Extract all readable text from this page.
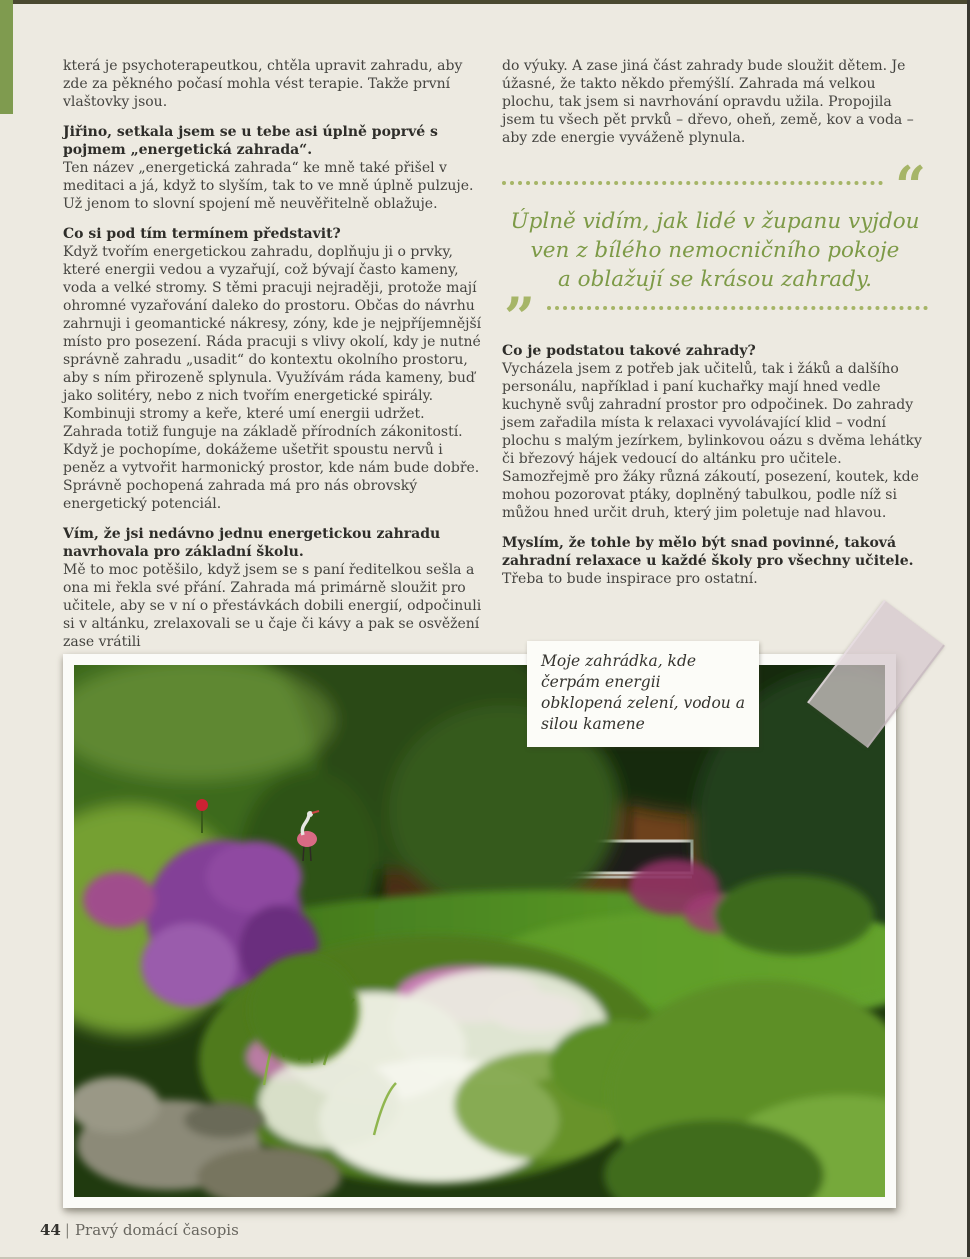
která je psychoterapeutkou, chtěla upravit zahradu, aby zde za pěkného počasí mohla vést terapie. Takže první vlaštovky jsou.

Jiřino, setkala jsem se u tebe asi úplně poprvé s pojmem „energetická zahrada“.

Ten název „energetická zahrada“ ke mně také přišel v meditaci a já, když to slyším, tak to ve mně úplně pulzuje. Už jenom to slovní spojení mě neuvěřitelně oblažuje.

Co si pod tím termínem představit?

Když tvořím energetickou zahradu, doplňuju ji o prvky, které energii vedou a vyzařují, což bývají často kameny, voda a velké stromy. S těmi pracuji nejraději, protože mají ohromné vyzařování daleko do prostoru. Občas do návrhu zahrnuji i geomantické nákresy, zóny, kde je nejpříjemnější místo pro posezení. Ráda pracuji s vlivy okolí, kdy je nutné správně zahradu „usadit“ do kontextu okolního prostoru, aby s ním přirozeně splynula. Využívám ráda kameny, buď jako solitéry, nebo z nich tvořím energetické spirály. Kombinuji stromy a keře, které umí energii udržet. Zahrada totiž funguje na základě přírodních zákonitostí. Když je pochopíme, dokážeme ušetřit spoustu nervů i peněz a vytvořit harmonický prostor, kde nám bude dobře. Správně pochopená zahrada má pro nás obrovský energetický potenciál.

Vím, že jsi nedávno jednu energetickou zahradu navrhovala pro základní školu.

Mě to moc potěšilo, když jsem se s paní ředitelkou sešla a ona mi řekla své přání. Zahrada má primárně sloužit pro učitele, aby se v ní o přestávkách dobili energií, odpočinuli si v altánku, zrelaxovali se u čaje či kávy a pak se osvěžení zase vrátili

do výuky. A zase jiná část zahrady bude sloužit dětem. Je úžasné, že takto někdo přemýšlí. Zahrada má velkou plochu, tak jsem si navrhování opravdu užila. Propojila jsem tu všech pět prvků – dřevo, oheň, země, kov a voda – aby zde energie vyváženě plynula.

“
Úplně vidím, jak lidé v županu vyjdou ven z bílého nemocničního pokoje a oblažují se krásou zahrady.
”
Co je podstatou takové zahrady?

Vycházela jsem z potřeb jak učitelů, tak i žáků a dalšího personálu, například i paní kuchařky mají hned vedle kuchyně svůj zahradní prostor pro odpočinek. Do zahrady jsem zařadila místa k relaxaci vyvolávající klid – vodní plochu s malým jezírkem, bylinkovou oázu s dvěma lehátky či březový hájek vedoucí do altánku pro učitele. Samozřejmě pro žáky různá zákoutí, posezení, koutek, kde mohou pozorovat ptáky, doplněný tabulkou, podle níž si můžou hned určit druh, který jim poletuje nad hlavou.

Myslím, že tohle by mělo být snad povinné, taková zahradní relaxace u každé školy pro všechny učitele.

Třeba to bude inspirace pro ostatní.

Moje zahrádka, kde čerpám energii obklopená zelení, vodou a silou kamene

44 | Pravý domácí časopis
